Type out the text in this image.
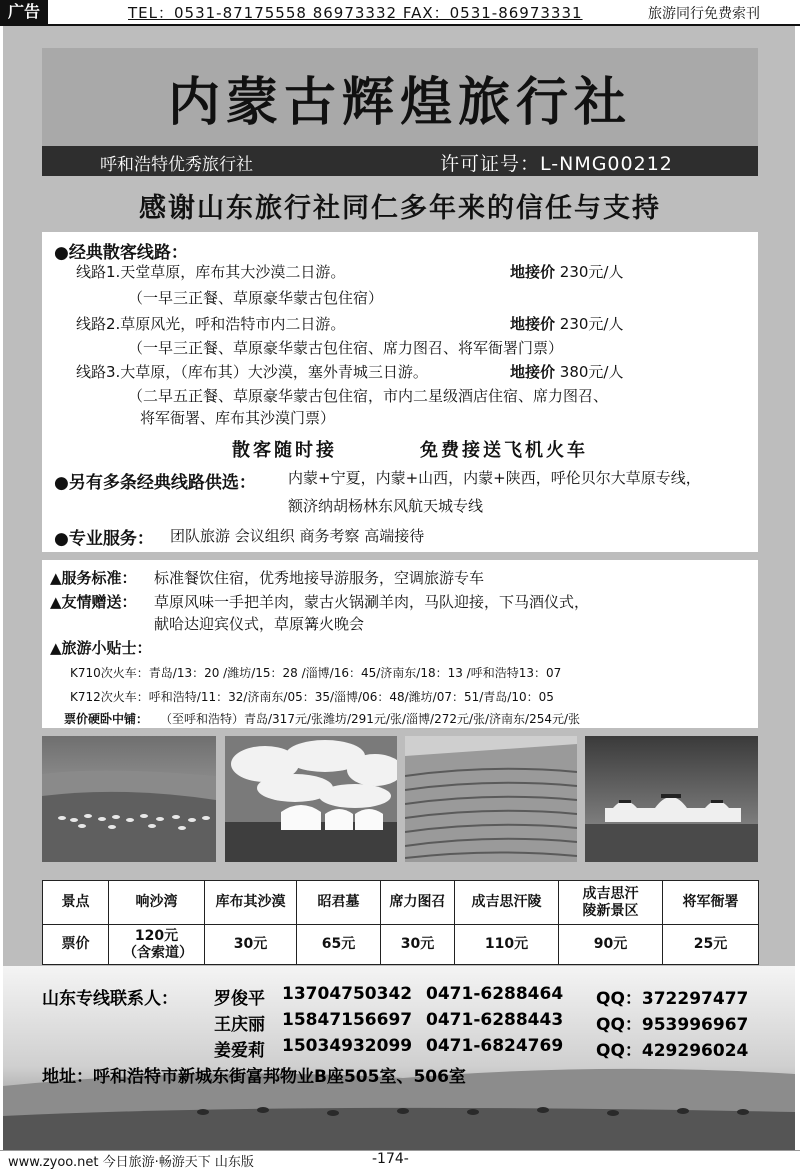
广告	TEL：0531-87175558 86973332 FAX：0531-86973331	旅游同行免费索刊
内蒙古辉煌旅行社
呼和浩特优秀旅行社	许可证号：L-NMG00212
感谢山东旅行社同仁多年来的信任与支持
●经典散客线路：
线路1.天堂草原，库布其大沙漠二日游。	地接价 230元/人
（一早三正餐、草原豪华蒙古包住宿）
线路2.草原风光，呼和浩特市内二日游。	地接价 230元/人
（一早三正餐、草原豪华蒙古包住宿、席力图召、将军衙署门票）
线路3.大草原，（库布其）大沙漠，塞外青城三日游。	地接价 380元/人
（二早五正餐、草原豪华蒙古包住宿，市内二星级酒店住宿、席力图召、
将军衙署、库布其沙漠门票）
散客随时接	免费接送飞机火车
●另有多条经典线路供选： 内蒙+宁夏，内蒙+山西，内蒙+陕西，呼伦贝尔大草原专线，
额济纳胡杨林东风航天城专线
●专业服务： 团队旅游 会议组织 商务考察 高端接待
▲服务标准： 标准餐饮住宿，优秀地接导游服务，空调旅游专车
▲友情赠送： 草原风味一手把羊肉，蒙古火锅涮羊肉，马队迎接，下马酒仪式，
献哈达迎宾仪式，草原篝火晚会
▲旅游小贴士：
K710次火车：青岛/13：20 /潍坊/15：28 /淄博/16：45/济南东/18：13 /呼和浩特13：07
K712次火车：呼和浩特/11：32/济南东/05：35/淄博/06：48/潍坊/07：51/青岛/10：05
票价硬卧中铺： （至呼和浩特）青岛/317元/张潍坊/291元/张/淄博/272元/张/济南东/254元/张
景点	响沙湾	库布其沙漠	昭君墓	席力图召	成吉思汗陵	成吉思汗陵新景区	将军衙署
票价	120元（含索道）	30元	65元	30元	110元	90元	25元
山东专线联系人： 罗俊平 13704750342 0471-6288464 QQ：372297477
王庆丽 15847156697 0471-6288443 QQ：953996967
姜爱莉 15034932099 0471-6824769 QQ：429296024
地址：呼和浩特市新城东街富邦物业B座505室、506室
www.zyoo.net 今日旅游·畅游天下 山东版	-174-
